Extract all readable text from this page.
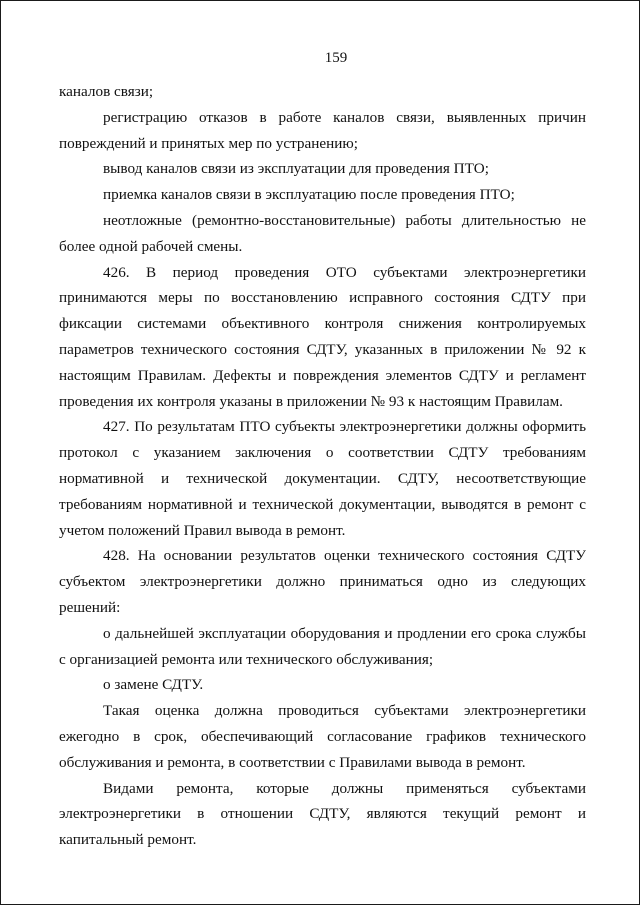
159

каналов связи;

регистрацию отказов в работе каналов связи, выявленных причин повреждений и принятых мер по устранению;

вывод каналов связи из эксплуатации для проведения ПТО;

приемка каналов связи в эксплуатацию после проведения ПТО;

неотложные (ремонтно-восстановительные) работы длительностью не более одной рабочей смены.

426. В период проведения ОТО субъектами электроэнергетики принимаются меры по восстановлению исправного состояния СДТУ при фиксации системами объективного контроля снижения контролируемых параметров технического состояния СДТУ, указанных в приложении № 92 к настоящим Правилам. Дефекты и повреждения элементов СДТУ и регламент проведения их контроля указаны в приложении № 93 к настоящим Правилам.

427. По результатам ПТО субъекты электроэнергетики должны оформить протокол с указанием заключения о соответствии СДТУ требованиям нормативной и технической документации. СДТУ, несоответствующие требованиям нормативной и технической документации, выводятся в ремонт с учетом положений Правил вывода в ремонт.

428. На основании результатов оценки технического состояния СДТУ субъектом электроэнергетики должно приниматься одно из следующих решений:

о дальнейшей эксплуатации оборудования и продлении его срока службы с организацией ремонта или технического обслуживания;

о замене СДТУ.

Такая оценка должна проводиться субъектами электроэнергетики ежегодно в срок, обеспечивающий согласование графиков технического обслуживания и ремонта, в соответствии с Правилами вывода в ремонт.

Видами ремонта, которые должны применяться субъектами электроэнергетики в отношении СДТУ, являются текущий ремонт и капитальный ремонт.
